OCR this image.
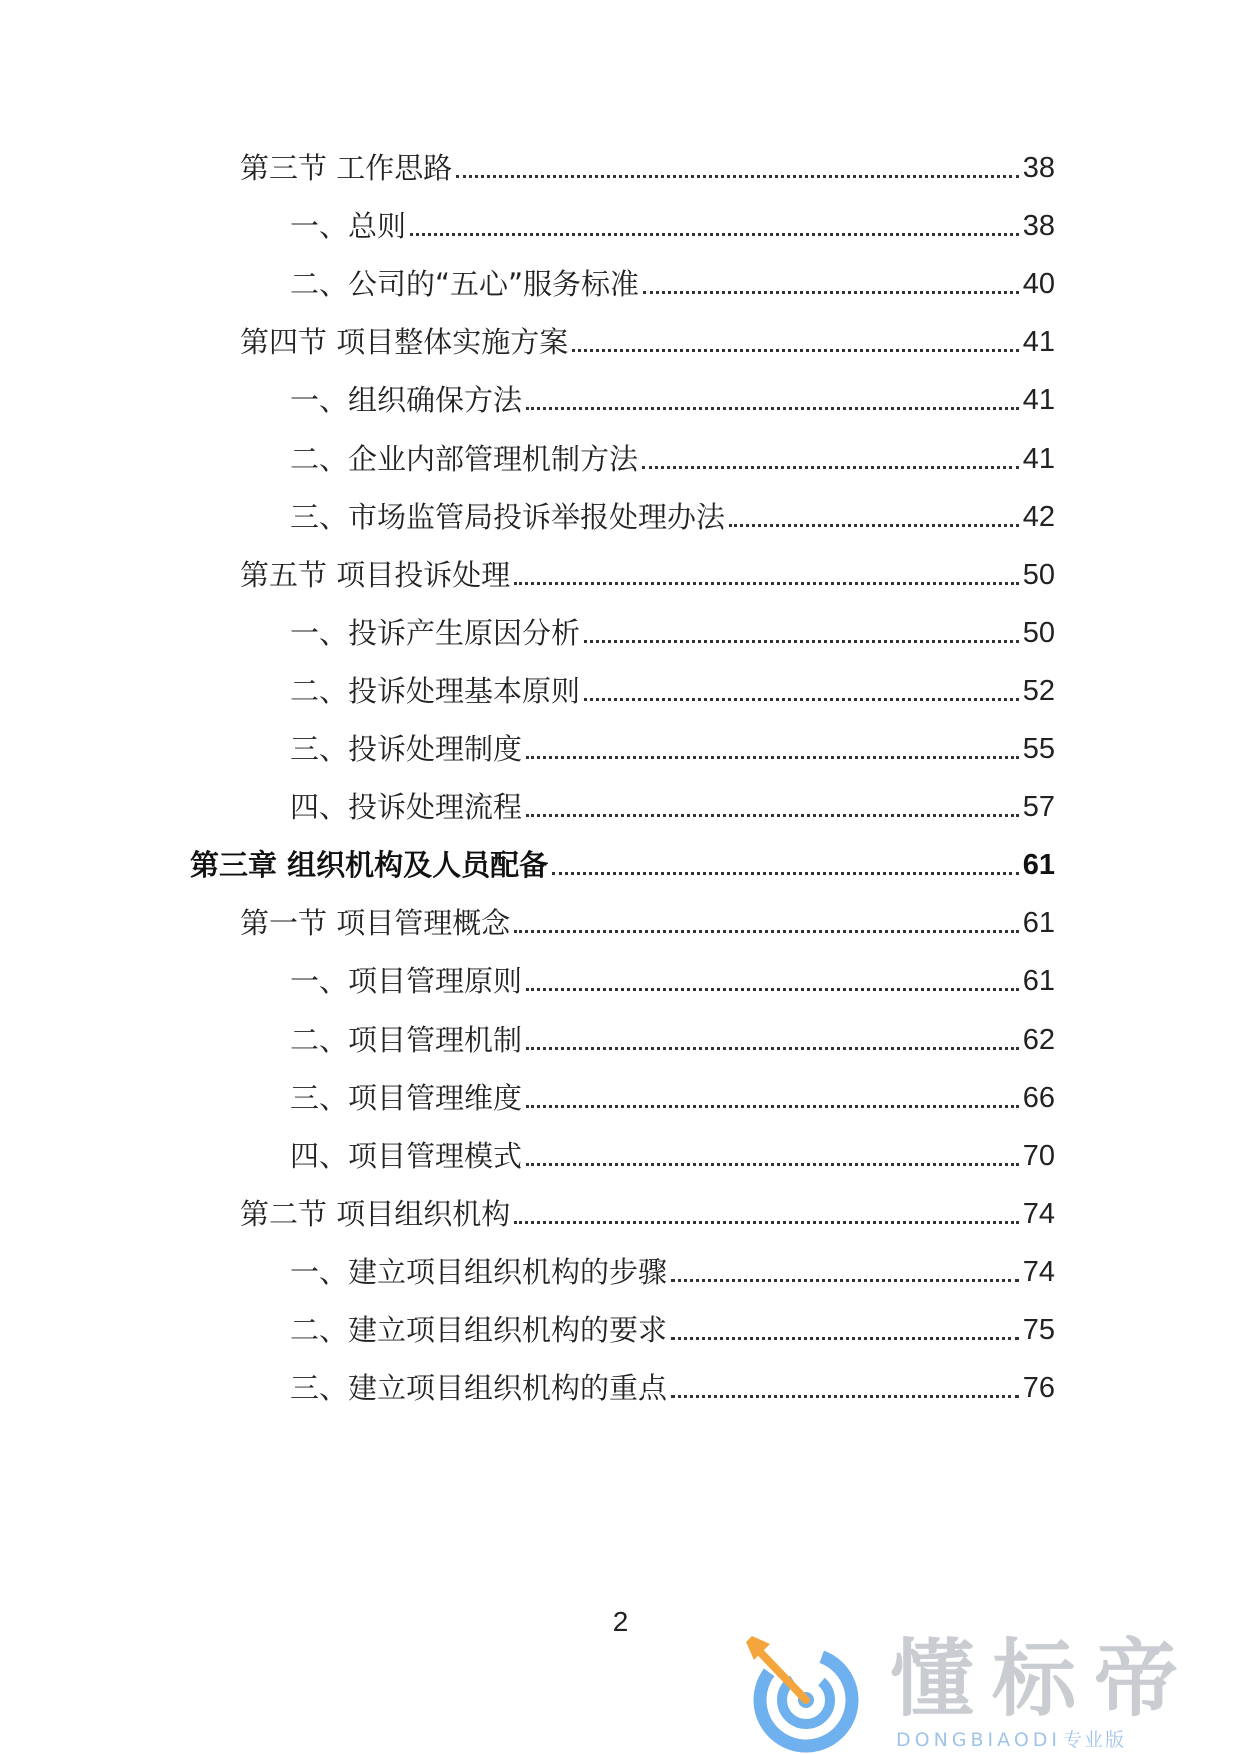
第三节 工作思路	38
一、总则	38
二、公司的“五心”服务标准	40
第四节 项目整体实施方案	41
一、组织确保方法	41
二、企业内部管理机制方法	41
三、市场监管局投诉举报处理办法	42
第五节 项目投诉处理	50
一、投诉产生原因分析	50
二、投诉处理基本原则	52
三、投诉处理制度	55
四、投诉处理流程	57
第三章 组织机构及人员配备	61
第一节 项目管理概念	61
一、项目管理原则	61
二、项目管理机制	62
三、项目管理维度	66
四、项目管理模式	70
第二节 项目组织机构	74
一、建立项目组织机构的步骤	74
二、建立项目组织机构的要求	75
三、建立项目组织机构的重点	76
2
懂标帝
DONGBIAODI 专业版
